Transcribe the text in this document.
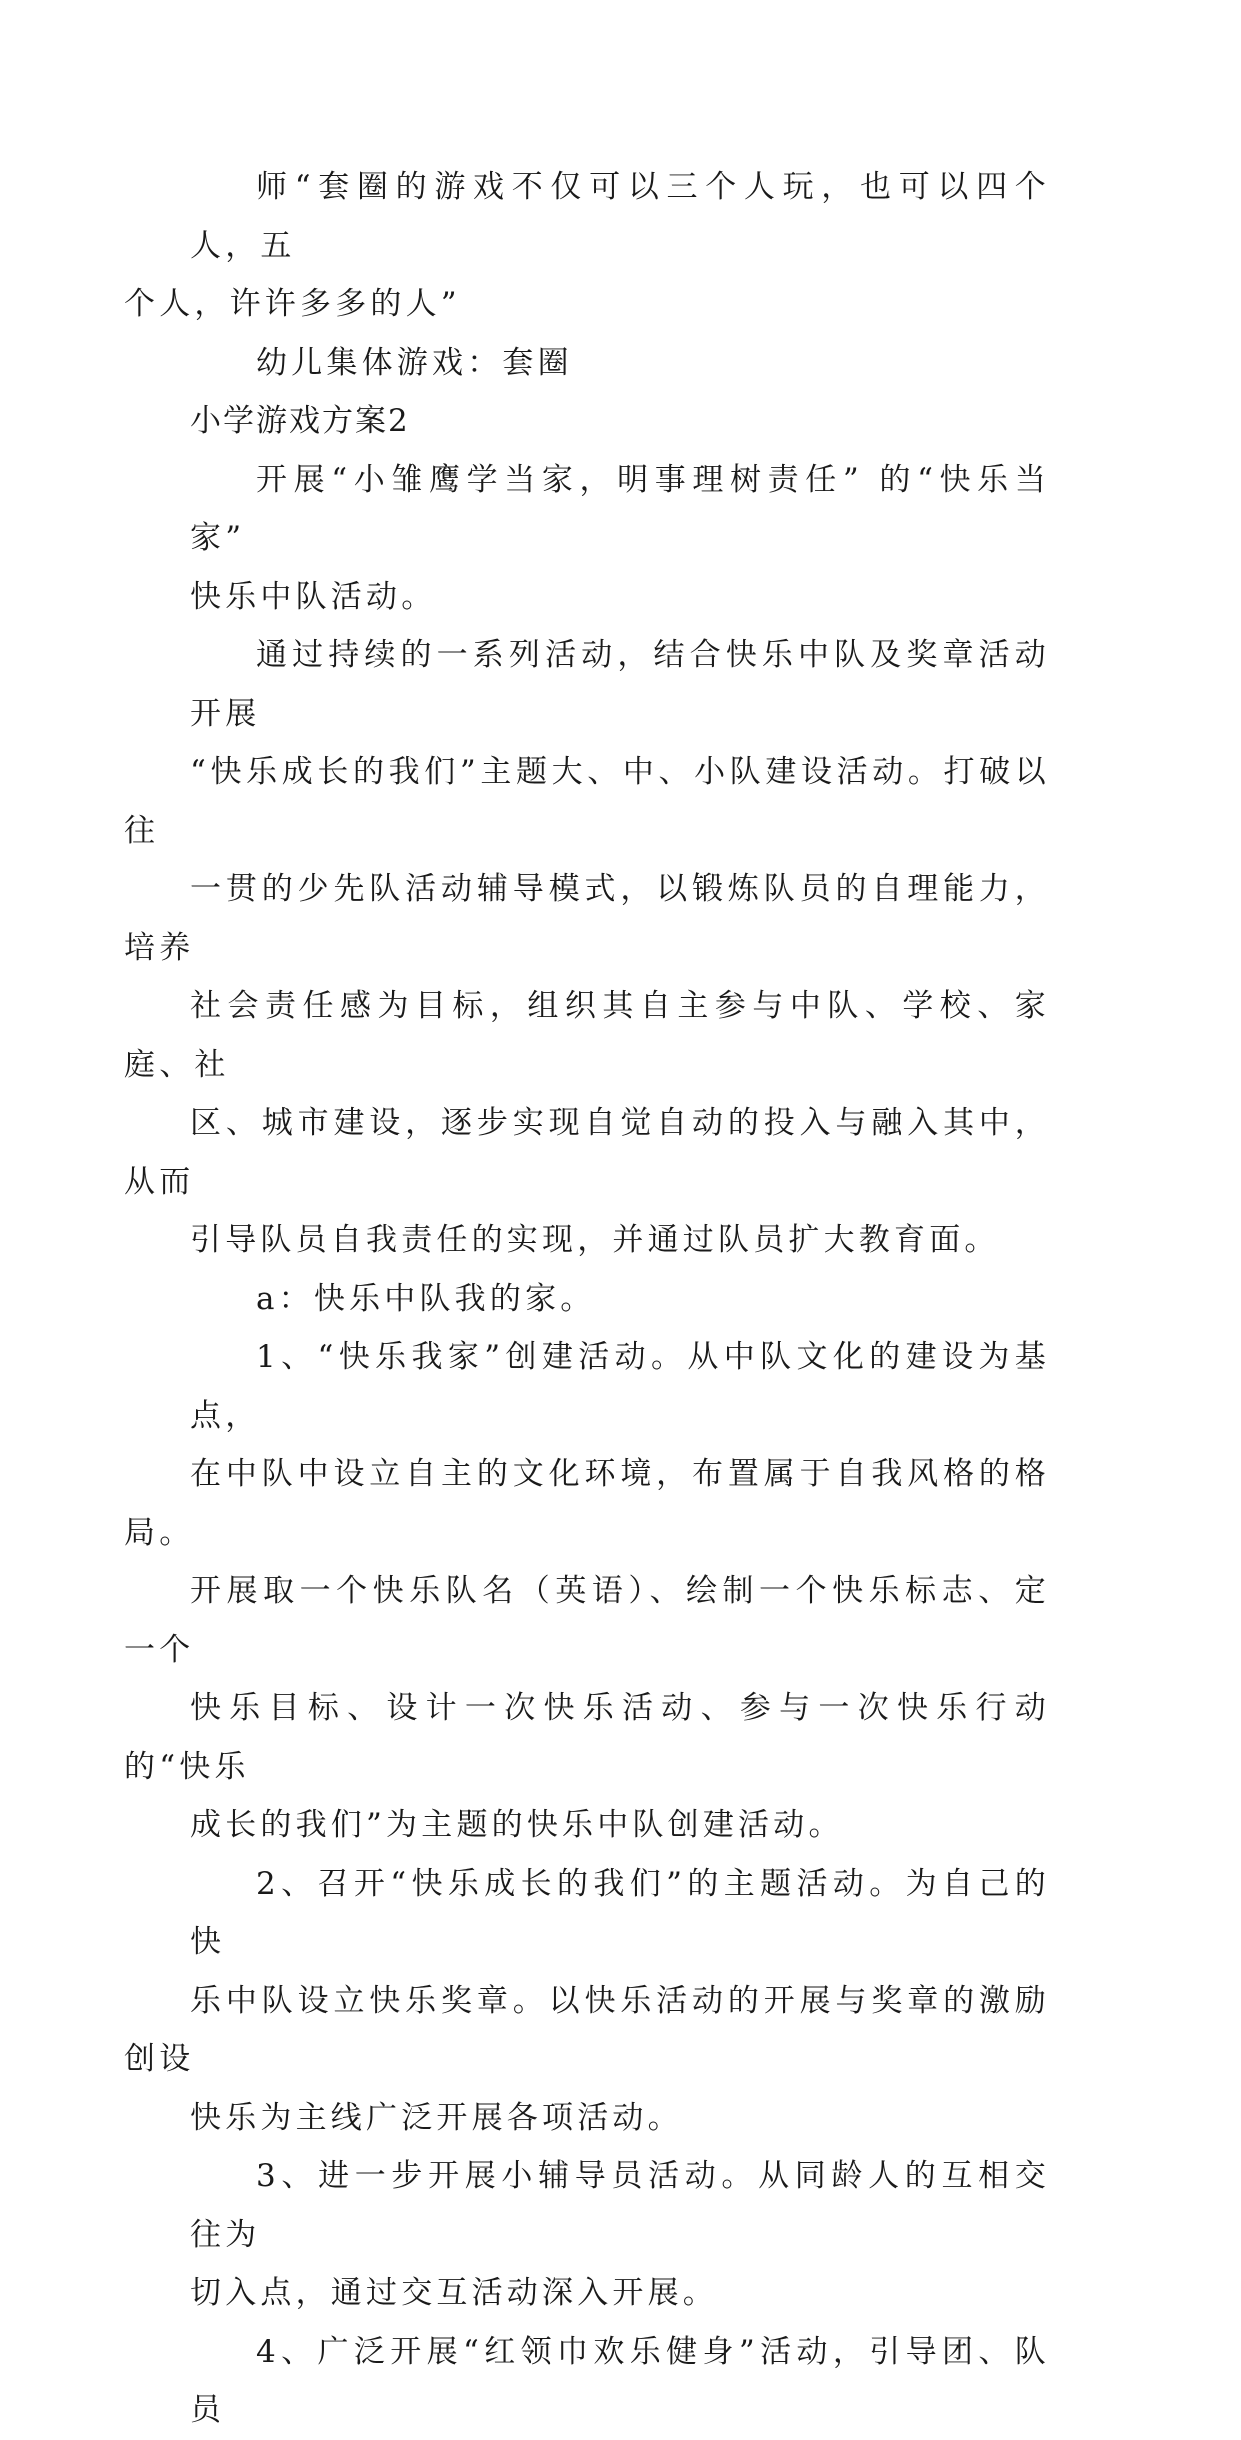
师“套圈的游戏不仅可以三个人玩，也可以四个人，五
个人，许许多多的人”

幼儿集体游戏：套圈

小学游戏方案2

开展“小雏鹰学当家，明事理树责任” 的“快乐当家”
快乐中队活动。

通过持续的一系列活动，结合快乐中队及奖章活动开展
“快乐成长的我们”主题大、中、小队建设活动。打破以往
一贯的少先队活动辅导模式，以锻炼队员的自理能力，培养
社会责任感为目标，组织其自主参与中队、学校、家庭、社
区、城市建设，逐步实现自觉自动的投入与融入其中，从而
引导队员自我责任的实现，并通过队员扩大教育面。

a：快乐中队我的家。

1、“快乐我家”创建活动。从中队文化的建设为基点，
在中队中设立自主的文化环境，布置属于自我风格的格局。
开展取一个快乐队名（英语）、绘制一个快乐标志、定一个
快乐目标、设计一次快乐活动、参与一次快乐行动的“快乐
成长的我们”为主题的快乐中队创建活动。

2、召开“快乐成长的我们”的主题活动。为自己的快
乐中队设立快乐奖章。以快乐活动的开展与奖章的激励创设
快乐为主线广泛开展各项活动。

3、进一步开展小辅导员活动。从同龄人的互相交往为
切入点，通过交互活动深入开展。

4、广泛开展“红领巾欢乐健身”活动，引导团、队员
